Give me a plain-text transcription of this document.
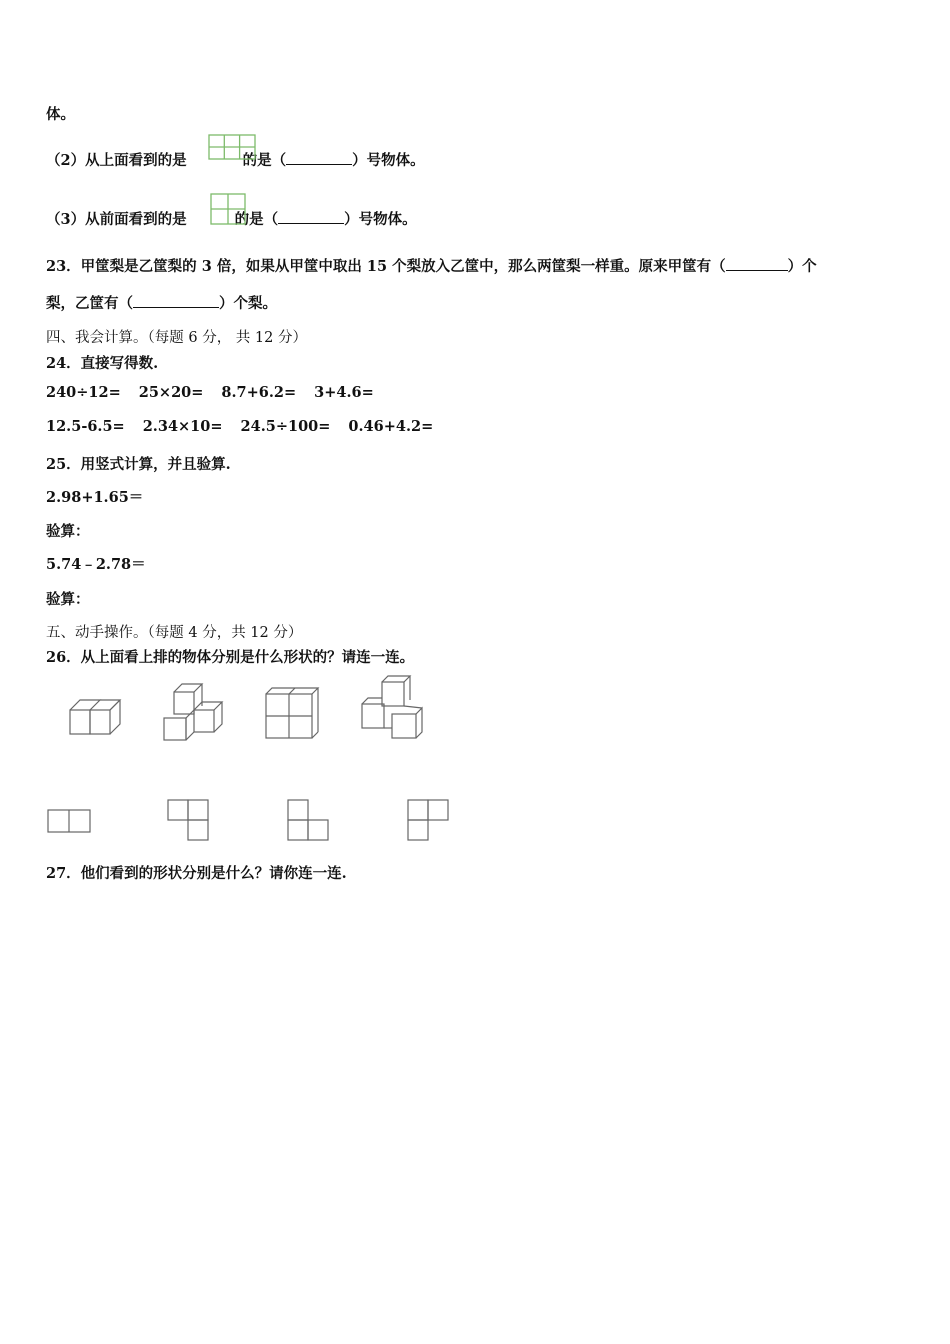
体。
（2）从上面看到的是	的是（	）号物体。
（3）从前面看到的是	的是（	）号物体。
23．甲筐梨是乙筐梨的 3 倍，如果从甲筐中取出 15 个梨放入乙筐中，那么两筐梨一样重。原来甲筐有（	）个
梨，乙筐有（	）个梨。
四、我会计算。（每题 6 分， 共 12 分）
24．直接写得数.
240÷12= 25×20= 8.7+6.2= 3+4.6=
12.5-6.5= 2.34×10= 24.5÷100= 0.46+4.2=
25．用竖式计算，并且验算.
2.98+1.65＝
验算：
5.74﹣2.78＝
验算：
五、动手操作。（每题 4 分，共 12 分）
26．从上面看上排的物体分别是什么形状的？请连一连。
27．他们看到的形状分别是什么？请你连一连.
